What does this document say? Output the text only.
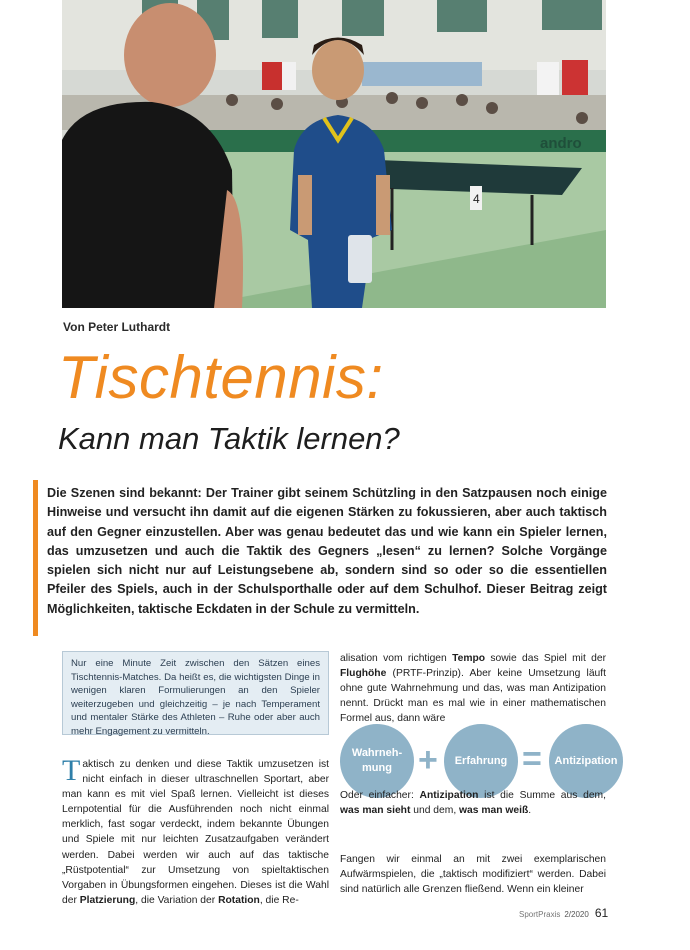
andro
4
Von Peter Luthardt
Tischtennis:
Kann man Taktik lernen?

Die Szenen sind bekannt: Der Trainer gibt seinem Schützling in den Satzpausen noch einige Hinweise und versucht ihn damit auf die eigenen Stärken zu fokussieren, aber auch taktisch auf den Gegner einzustellen. Aber was genau bedeutet das und wie kann ein Spieler lernen, das umzusetzen und auch die Taktik des Gegners „lesen“ zu lernen? Solche Vorgänge spielen sich nicht nur auf Leistungsebene ab, sondern sind so oder so die essentiellen Pfeiler des Spiels, auch in der Schulsporthalle oder auf dem Schulhof. Dieser Beitrag zeigt Möglichkeiten, taktische Eckdaten in der Schule zu vermitteln.

Nur eine Minute Zeit zwischen den Sätzen eines Tischtennis-Matches. Da heißt es, die wichtigsten Dinge in wenigen klaren Formulierungen an den Spieler weiterzugeben und gleichzeitig – je nach Temperament und mentaler Stärke des Athleten – Ruhe oder aber auch mehr Engagement zu vermitteln.

Taktisch zu denken und diese Taktik umzusetzen ist nicht einfach in dieser ultraschnellen Sportart, aber man kann es mit viel Spaß lernen. Vielleicht ist dieses Lernpotential für die Ausführenden noch nicht einmal merklich, fast sogar verdeckt, indem bekannte Übungen und Spiele mit nur leichten Zusatzaufgaben verändert werden. Dabei werden wir auch auf das taktische „Rüstpotential“ zur Umsetzung von spieltaktischen Vorgaben in Übungsformen eingehen. Dieses ist die Wahl der Platzierung, die Variation der Rotation, die Re-

alisation vom richtigen Tempo sowie das Spiel mit der Flughöhe (PRTF-Prinzip). Aber keine Umsetzung läuft ohne gute Wahrnehmung und das, was man Antizipation nennt. Drückt man es mal wie in einer mathematischen Formel aus, dann wäre

Wahrneh-
mung + Erfahrung = Antizipation

Oder einfacher: Antizipation ist die Summe aus dem, was man sieht und dem, was man weiß.

Fangen wir einmal an mit zwei exemplarischen Aufwärmspielen, die „taktisch modifiziert“ werden. Dabei sind natürlich alle Grenzen fließend. Wenn ein kleiner

SportPraxis 2/2020 61
